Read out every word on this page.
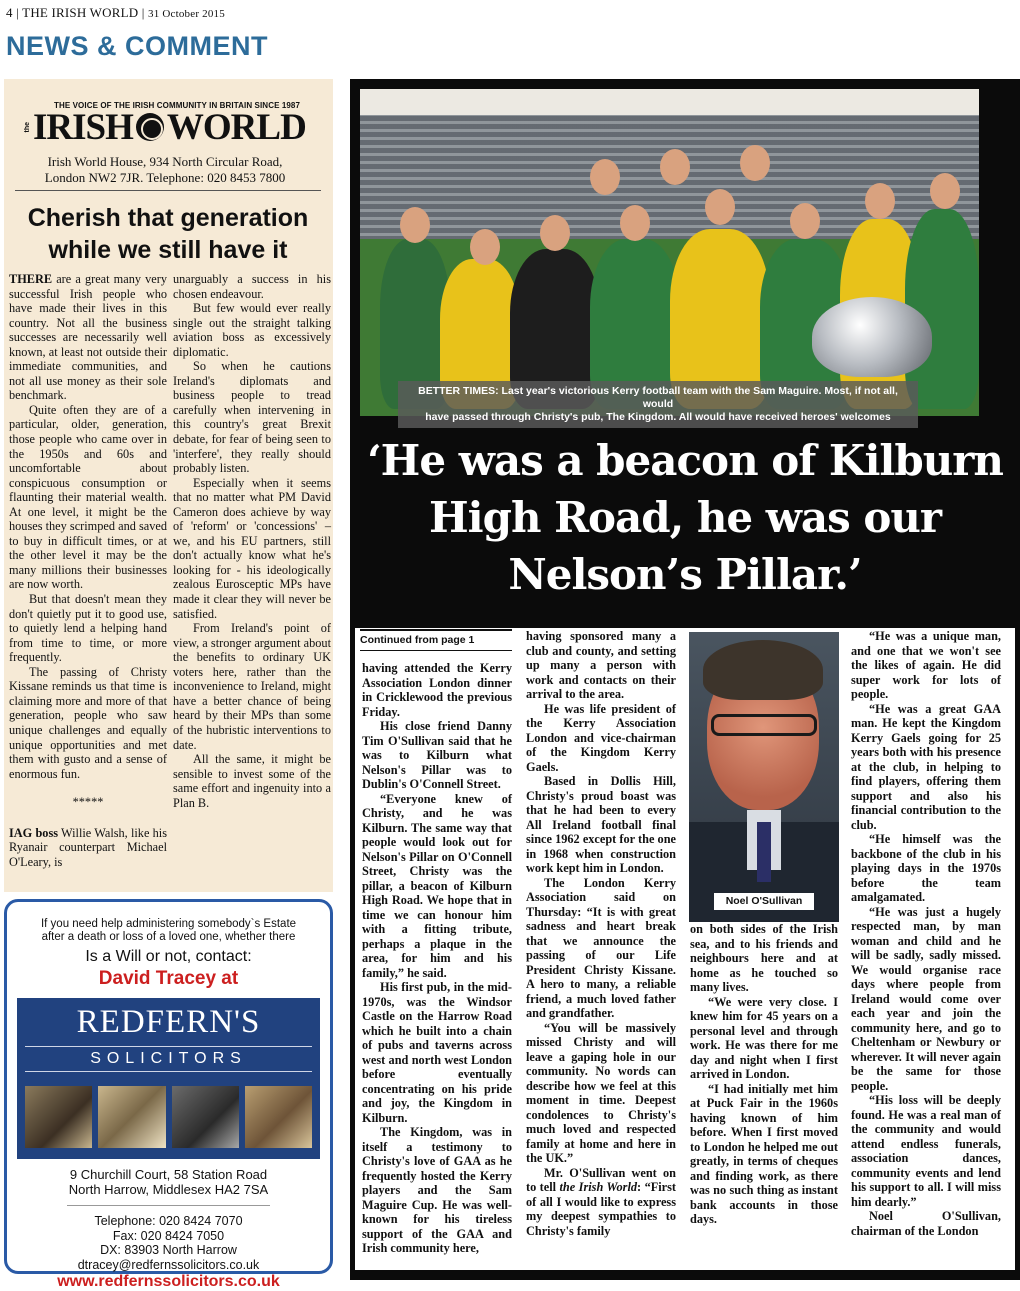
4 | THE IRISH WORLD | 31 October 2015
NEWS & COMMENT
THE VOICE OF THE IRISH COMMUNITY IN BRITAIN SINCE 1987
the IRISH WORLD
Irish World House, 934 North Circular Road,
London NW2 7JR. Telephone: 020 8453 7800
Cherish that generation while we still have it

THERE are a great many very successful Irish people who have made their lives in this country. Not all the business successes are necessarily well known, at least not outside their immediate communities, and not all use money as their sole benchmark.

Quite often they are of a particular, older, generation, those people who came over in the 1950s and 60s and uncomfortable about conspicuous consumption or flaunting their material wealth. At one level, it might be the houses they scrimped and saved to buy in difficult times, or at the other level it may be the many millions their businesses are now worth.

But that doesn't mean they don't quietly put it to good use, to quietly lend a helping hand from time to time, or more frequently.

The passing of Christy Kissane reminds us that time is claiming more and more of that generation, people who saw unique challenges and equally unique opportunities and met them with gusto and a sense of enormous fun.

*****

IAG boss Willie Walsh, like his Ryanair counterpart Michael O'Leary, is

unarguably a success in his chosen endeavour.

But few would ever really single out the straight talking aviation boss as excessively diplomatic.

So when he cautions Ireland's diplomats and business people to tread carefully when intervening in this country's great Brexit debate, for fear of being seen to 'interfere', they really should probably listen.

Especially when it seems that no matter what PM David Cameron does achieve by way of 'reform' or 'concessions' – we, and his EU partners, still don't actually know what he's looking for - his ideologically zealous Eurosceptic MPs have made it clear they will never be satisfied.

From Ireland's point of view, a stronger argument about the benefits to ordinary UK voters here, rather than the inconvenience to Ireland, might have a better chance of being heard by their MPs than some of the hubristic interventions to date.

All the same, it might be sensible to invest some of the same effort and ingenuity into a Plan B.

If you need help administering somebody`s Estate after a death or loss of a loved one, whether there
Is a Will or not, contact:
David Tracey at
REDFERN'S
SOLICITORS
9 Churchill Court, 58 Station Road
North Harrow, Middlesex HA2 7SA
Telephone: 020 8424 7070
Fax: 020 8424 7050
DX: 83903 North Harrow
dtracey@redfernssolicitors.co.uk
www.redfernssolicitors.co.uk
BETTER TIMES: Last year's victorious Kerry football team with the Sam Maguire. Most, if not all, would
have passed through Christy's pub, The Kingdom. All would have received heroes' welcomes
‘He was a beacon of Kilburn
High Road, he was our
Nelson’s Pillar.’
Continued from page 1

having attended the Kerry Association London dinner in Cricklewood the previous Friday.

His close friend Danny Tim O'Sullivan said that he was to Kilburn what Nelson's Pillar was to Dublin's O'Connell Street.

“Everyone knew of Christy, and he was Kilburn. The same way that people would look out for Nelson's Pillar on O'Connell Street, Christy was the pillar, a beacon of Kilburn High Road. We hope that in time we can honour him with a fitting tribute, perhaps a plaque in the area, for him and his family,” he said.

His first pub, in the mid-1970s, was the Windsor Castle on the Harrow Road which he built into a chain of pubs and taverns across west and north west London before eventually concentrating on his pride and joy, the Kingdom in Kilburn.

The Kingdom, was in itself a testimony to Christy's love of GAA as he frequently hosted the Kerry players and the Sam Maguire Cup. He was well-known for his tireless support of the GAA and Irish community here,

having sponsored many a club and county, and setting up many a person with work and contacts on their arrival to the area.

He was life president of the Kerry Association London and vice-chairman of the Kingdom Kerry Gaels.

Based in Dollis Hill, Christy's proud boast was that he had been to every All Ireland football final since 1962 except for the one in 1968 when construction work kept him in London.

The London Kerry Association said on Thursday: “It is with great sadness and heart break that we announce the passing of our Life President Christy Kissane. A hero to many, a reliable friend, a much loved father and grandfather.

“You will be massively missed Christy and will leave a gaping hole in our community. No words can describe how we feel at this moment in time. Deepest condolences to Christy's much loved and respected family at home and here in the UK.”

Mr. O'Sullivan went on to tell the Irish World: “First of all I would like to express my deepest sympathies to Christy's family

Noel O'Sullivan

on both sides of the Irish sea, and to his friends and neighbours here and at home as he touched so many lives.

“We were very close. I knew him for 45 years on a personal level and through work. He was there for me day and night when I first arrived in London.

“I had initially met him at Puck Fair in the 1960s having known of him before. When I first moved to London he helped me out greatly, in terms of cheques and finding work, as there was no such thing as instant bank accounts in those days.

“He was a unique man, and one that we won't see the likes of again. He did super work for lots of people.

“He was a great GAA man. He kept the Kingdom Kerry Gaels going for 25 years both with his presence at the club, in helping to find players, offering them support and also his financial contribution to the club.

“He himself was the backbone of the club in his playing days in the 1970s before the team amalgamated.

“He was just a hugely respected man, by man woman and child and he will be sadly, sadly missed. We would organise race days where people from Ireland would come over each year and join the community here, and go to Cheltenham or Newbury or wherever. It will never again be the same for those people.

“His loss will be deeply found. He was a real man of the community and would attend endless funerals, association dances, community events and lend his support to all. I will miss him dearly.”

Noel O'Sullivan, chairman of the London
